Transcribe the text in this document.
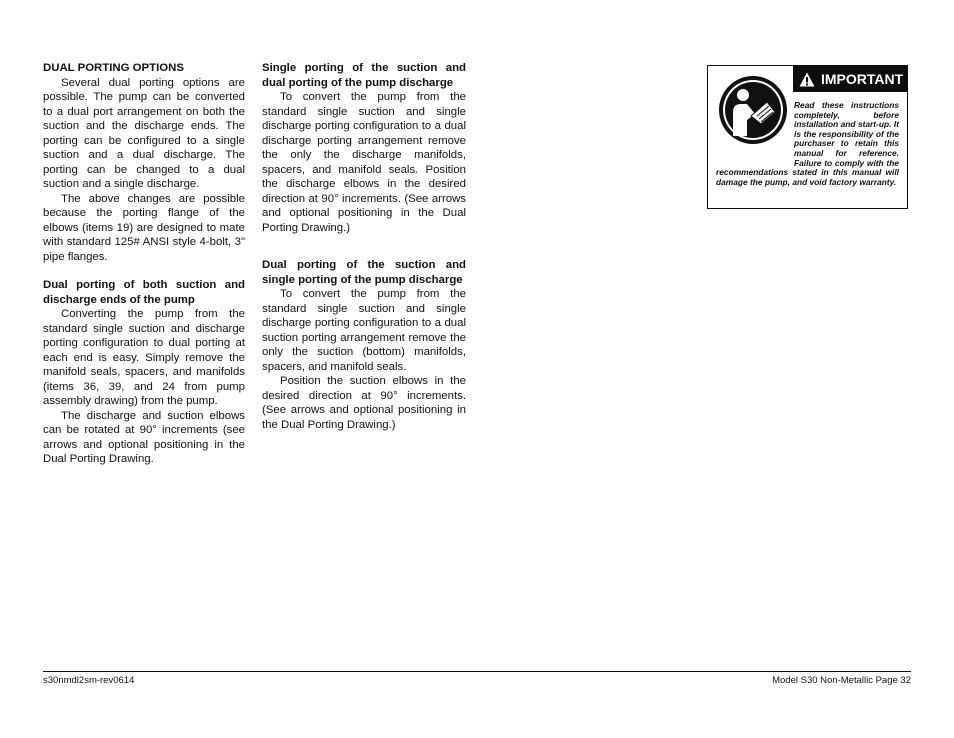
DUAL PORTING OPTIONS

Several dual porting options are possible. The pump can be converted to a dual port arrangement on both the suction and the discharge ends. The porting can be configured to a single suction and a dual discharge. The porting can be changed to a dual suction and a single discharge.

The above changes are possible because the porting flange of the elbows (items 19) are designed to mate with standard 125# ANSI style 4-bolt, 3" pipe flanges.

Dual porting of both suction and discharge ends of the pump

Converting the pump from the standard single suction and discharge porting configuration to dual porting at each end is easy. Simply remove the manifold seals, spacers, and manifolds (items 36, 39, and 24 from pump assembly drawing) from the pump.

The discharge and suction elbows can be rotated at 90° increments (see arrows and optional positioning in the Dual Porting Drawing.

Single porting of the suction and dual porting of the pump discharge

To convert the pump from the standard single suction and single discharge porting configuration to a dual discharge porting arrangement remove the only the discharge manifolds, spacers, and manifold seals. Position the discharge elbows in the desired direction at 90° increments. (See arrows and optional positioning in the Dual Porting Drawing.)

Dual porting of the suction and single porting of the pump discharge

To convert the pump from the standard single suction and single discharge porting configuration to a dual suction porting arrangement remove the only the suction (bottom) manifolds, spacers, and manifold seals.

Position the suction elbows in the desired direction at 90° increments. (See arrows and optional positioning in the Dual Porting Drawing.)

IMPORTANT
Read these instructions completely, before installation and start-up. It is the responsibility of the purchaser to retain this manual for reference. Failure to comply with the recommendations stated in this manual will damage the pump, and void factory warranty.
s30nmdl2sm-rev0614	Model S30 Non-Metallic Page 32
